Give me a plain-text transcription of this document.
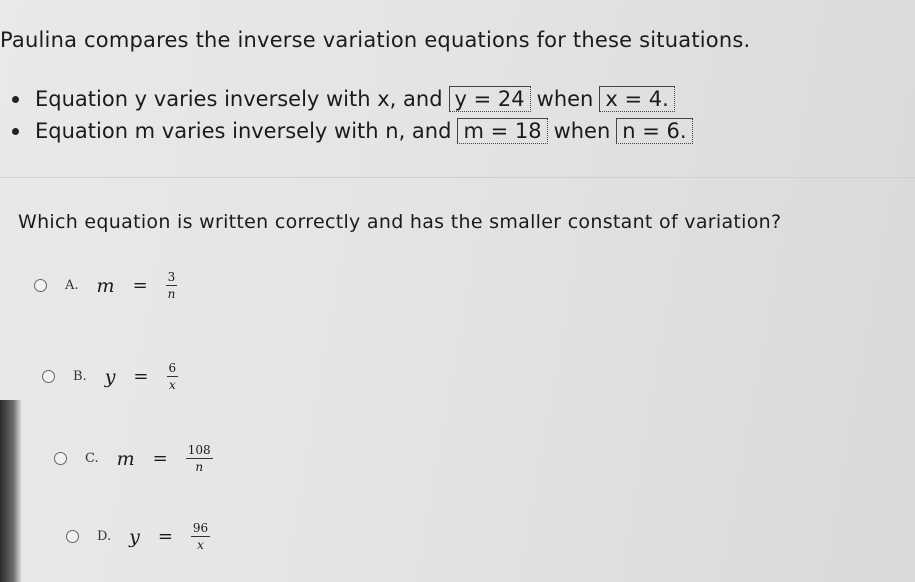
Paulina compares the inverse variation equations for these situations.
Equation y varies inversely with x, and y = 24 when x = 4.
Equation m varies inversely with n, and m = 18 when n = 6.
Which equation is written correctly and has the smaller constant of variation?
A. $m = \frac{3}{n}$
B. $y = \frac{6}{x}$
C. $m = \frac{108}{n}$
D. $y = \frac{96}{x}$
